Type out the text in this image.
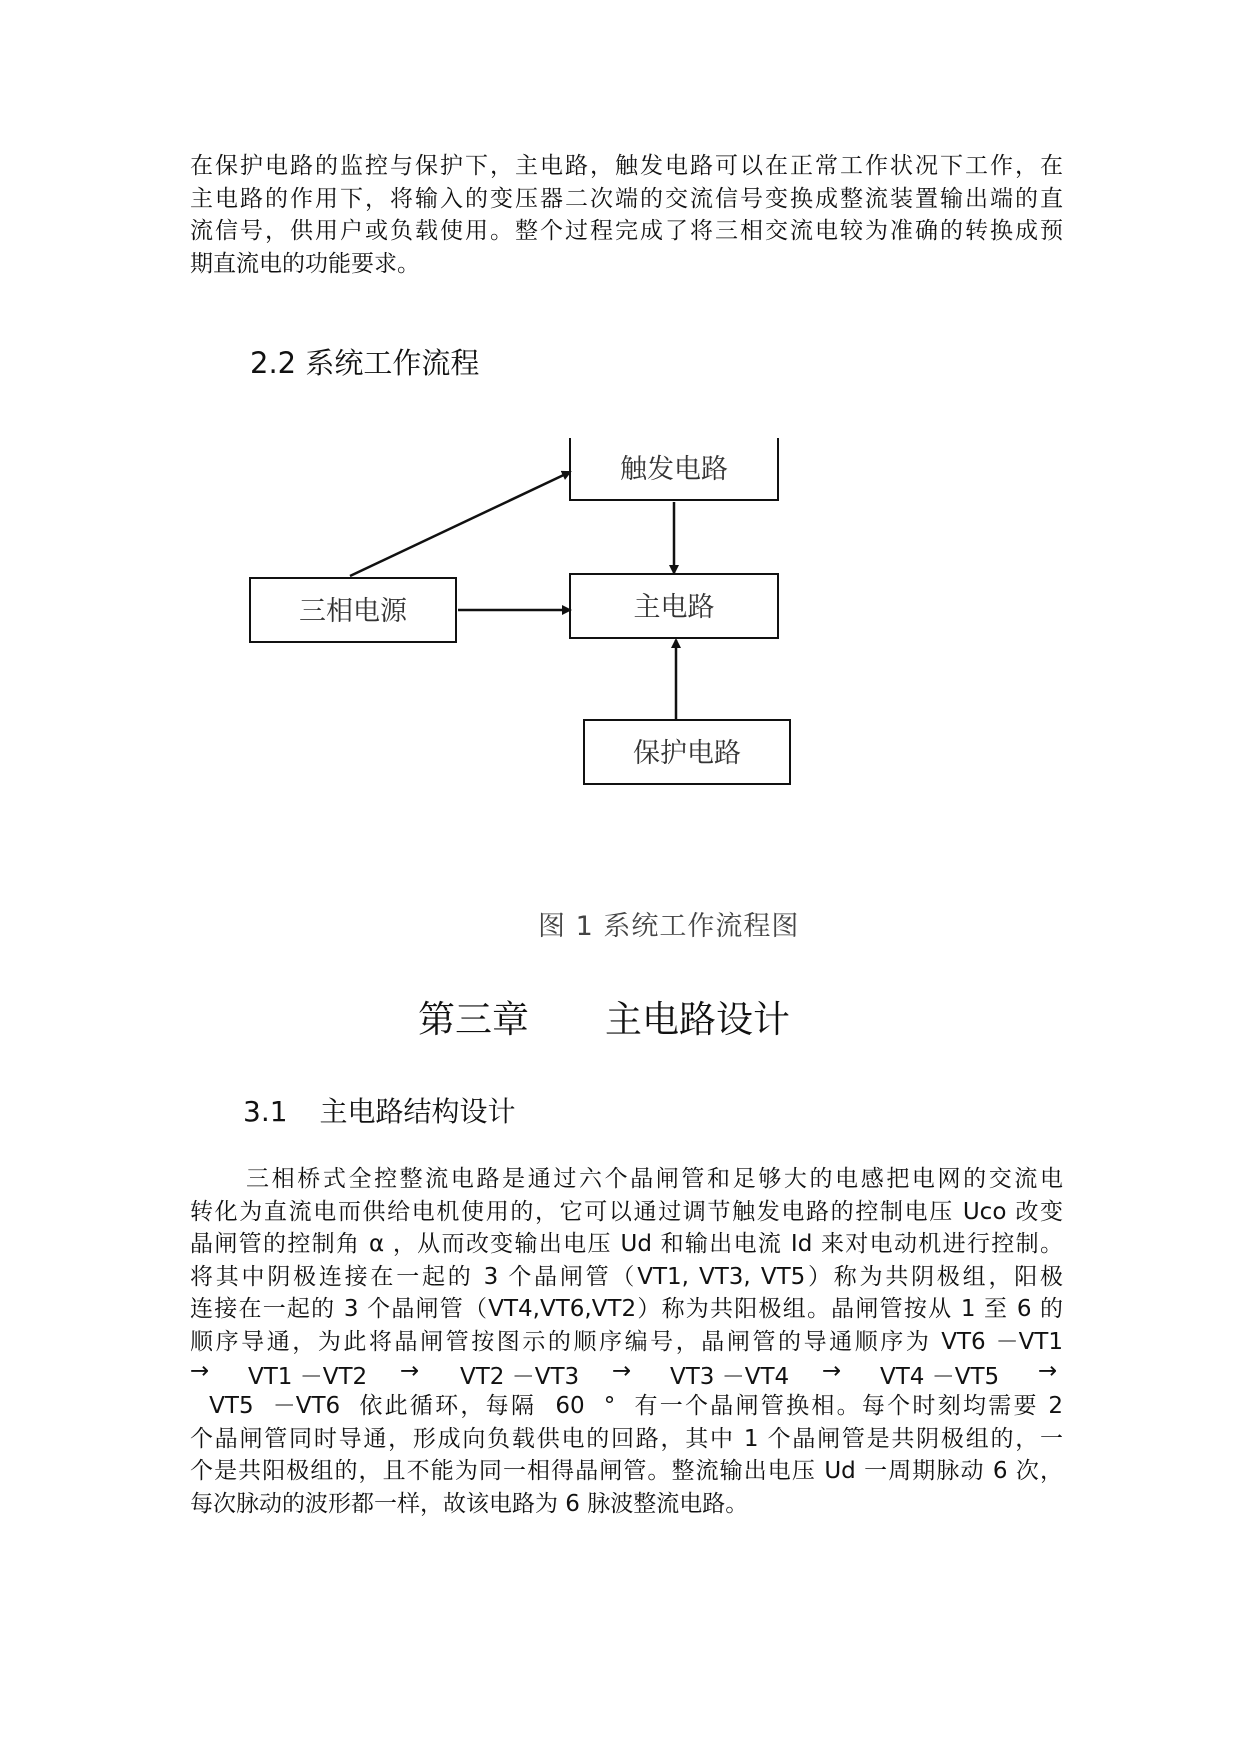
在保护电路的监控与保护下，主电路，触发电路可以在正常工作状况下工作，在
主电路的作用下，将输入的变压器二次端的交流信号变换成整流装置输出端的直
流信号，供用户或负载使用。整个过程完成了将三相交流电较为准确的转换成预
期直流电的功能要求。
2.2 系统工作流程
触发电路
主电路
三相电源
保护电路
图 1 系统工作流程图
第三章 主电路设计
3.1 主电路结构设计
三相桥式全控整流电路是通过六个晶闸管和足够大的电感把电网的交流电
转化为直流电而供给电机使用的，它可以通过调节触发电路的控制电压 Uco 改变
晶闸管的控制角 α ，从而改变输出电压 Ud 和输出电流 Id 来对电动机进行控制。
将其中阴极连接在一起的 3 个晶闸管（VT1, VT3, VT5）称为共阴极组，阳极
连接在一起的 3 个晶闸管（VT4,VT6,VT2）称为共阳极组。晶闸管按从 1 至 6 的
顺序导通，为此将晶闸管按图示的顺序编号，晶闸管的导通顺序为 VT6 －VT1
→ VT1 －VT2 → VT2 －VT3 → VT3 －VT4 → VT4 －VT5 →
VT5  －VT6  依此循环，每隔  60  °  有一个晶闸管换相。每个时刻均需要 2
个晶闸管同时导通，形成向负载供电的回路，其中 1 个晶闸管是共阴极组的，一
个是共阳极组的，且不能为同一相得晶闸管。整流输出电压 Ud 一周期脉动 6 次，
每次脉动的波形都一样，故该电路为 6 脉波整流电路。
